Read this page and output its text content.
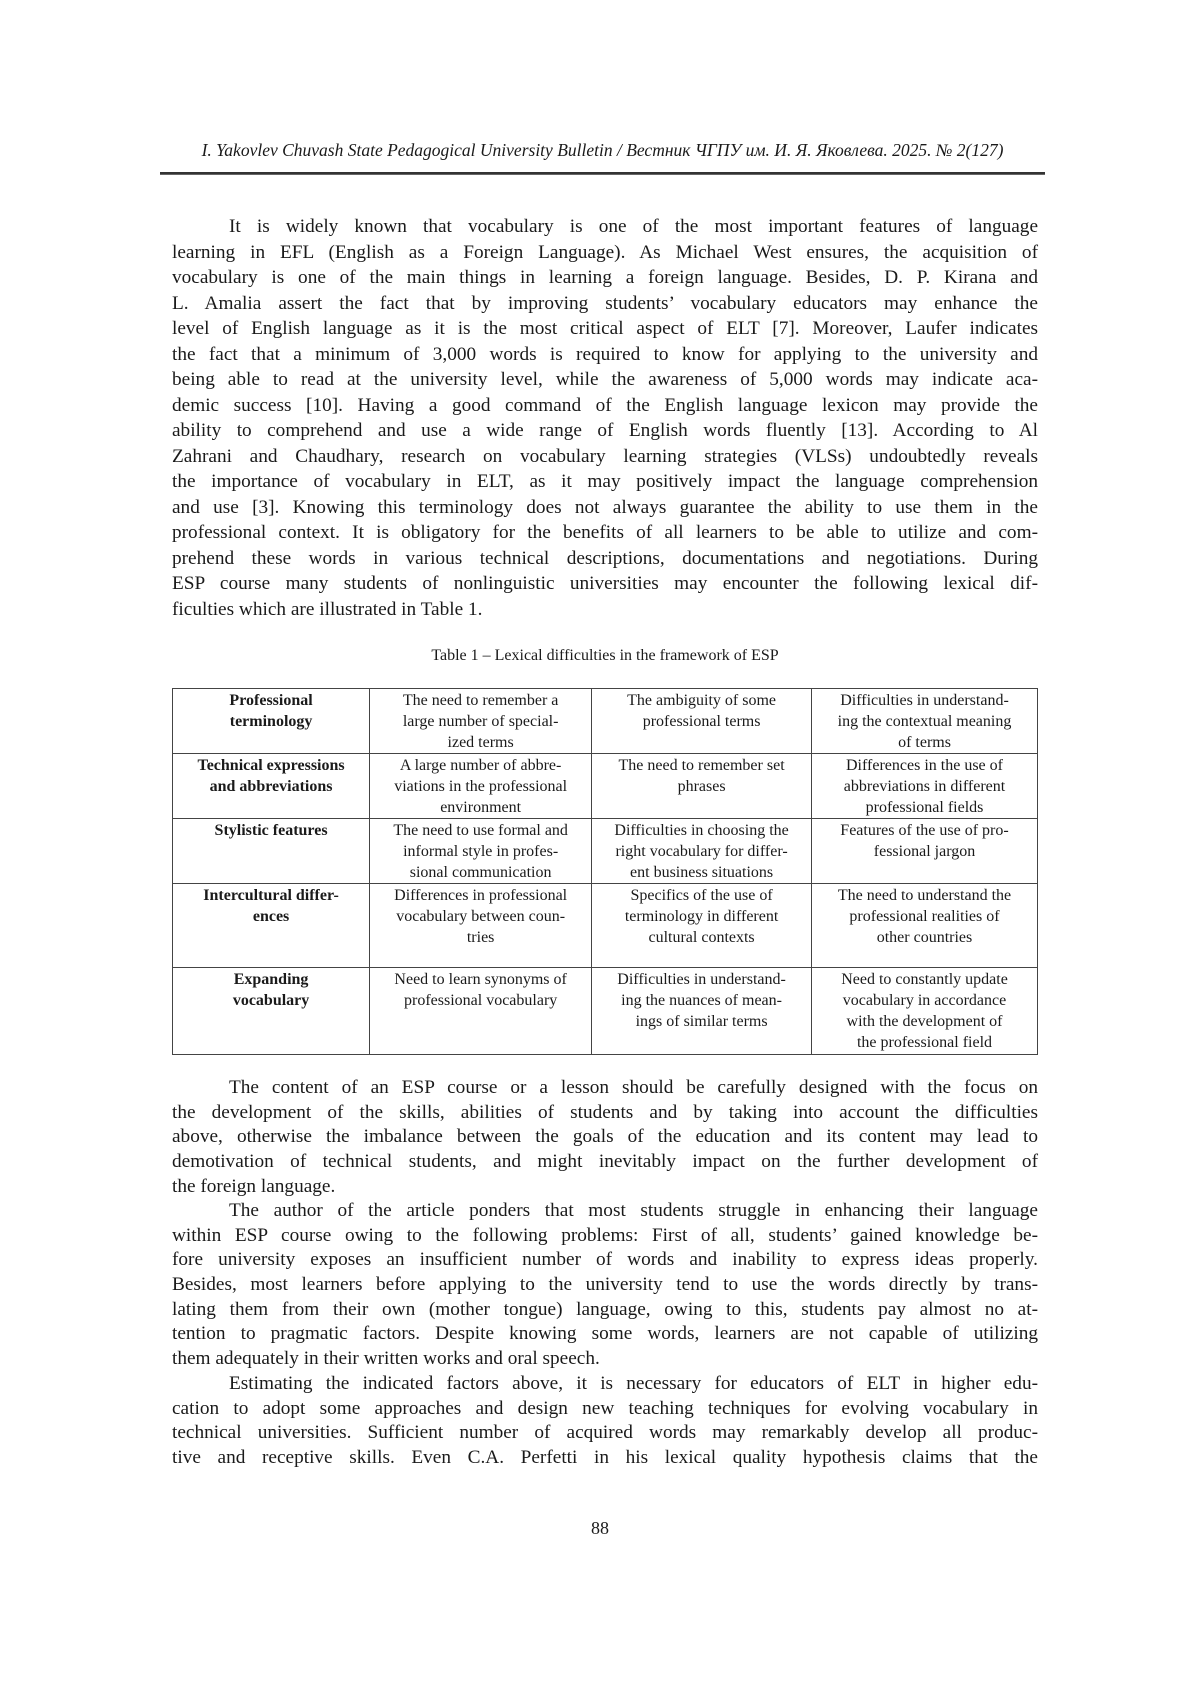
I. Yakovlev Chuvash State Pedagogical University Bulletin / Вестник ЧГПУ им. И. Я. Яковлева. 2025. № 2(127)
It is widely known that vocabulary is one of the most important features of language
learning in EFL (English as a Foreign Language). As Michael West ensures, the acquisition of
vocabulary is one of the main things in learning a foreign language. Besides, D. P. Kirana and
L. Amalia assert the fact that by improving students’ vocabulary educators may enhance the
level of English language as it is the most critical aspect of ELT [7]. Moreover, Laufer indicates
the fact that a minimum of 3,000 words is required to know for applying to the university and
being able to read at the university level, while the awareness of 5,000 words may indicate aca-
demic success [10]. Having a good command of the English language lexicon may provide the
ability to comprehend and use a wide range of English words fluently [13]. According to Al
Zahrani and Chaudhary, research on vocabulary learning strategies (VLSs) undoubtedly reveals
the importance of vocabulary in ELT, as it may positively impact the language comprehension
and use [3]. Knowing this terminology does not always guarantee the ability to use them in the
professional context. It is obligatory for the benefits of all learners to be able to utilize and com-
prehend these words in various technical descriptions, documentations and negotiations. During
ESP course many students of nonlinguistic universities may encounter the following lexical dif-
ficulties which are illustrated in Table 1.
Table 1 – Lexical difficulties in the framework of ESP
Professional
terminology	The need to remember a
large number of special-
ized terms	The ambiguity of some
professional terms	Difficulties in understand-
ing the contextual meaning
of terms

Technical expressions
and abbreviations	A large number of abbre-
viations in the professional
environment	The need to remember set
phrases	Differences in the use of
abbreviations in different
professional fields

Stylistic features	The need to use formal and
informal style in profes-
sional communication	Difficulties in choosing the
right vocabulary for differ-
ent business situations	Features of the use of pro-
fessional jargon

Intercultural differ-
ences	Differences in professional
vocabulary between coun-
tries	Specifics of the use of
terminology in different
cultural contexts	The need to understand the
professional realities of
other countries

Expanding
vocabulary	Need to learn synonyms of
professional vocabulary	Difficulties in understand-
ing the nuances of mean-
ings of similar terms	Need to constantly update
vocabulary in accordance
with the development of
the professional field
The content of an ESP course or a lesson should be carefully designed with the focus on
the development of the skills, abilities of students and by taking into account the difficulties
above, otherwise the imbalance between the goals of the education and its content may lead to
demotivation of technical students, and might inevitably impact on the further development of
the foreign language.
The author of the article ponders that most students struggle in enhancing their language
within ESP course owing to the following problems: First of all, students’ gained knowledge be-
fore university exposes an insufficient number of words and inability to express ideas properly.
Besides, most learners before applying to the university tend to use the words directly by trans-
lating them from their own (mother tongue) language, owing to this, students pay almost no at-
tention to pragmatic factors. Despite knowing some words, learners are not capable of utilizing
them adequately in their written works and oral speech.
Estimating the indicated factors above, it is necessary for educators of ELT in higher edu-
cation to adopt some approaches and design new teaching techniques for evolving vocabulary in
technical universities. Sufficient number of acquired words may remarkably develop all produc-
tive and receptive skills. Even C.A. Perfetti in his lexical quality hypothesis claims that the
88
